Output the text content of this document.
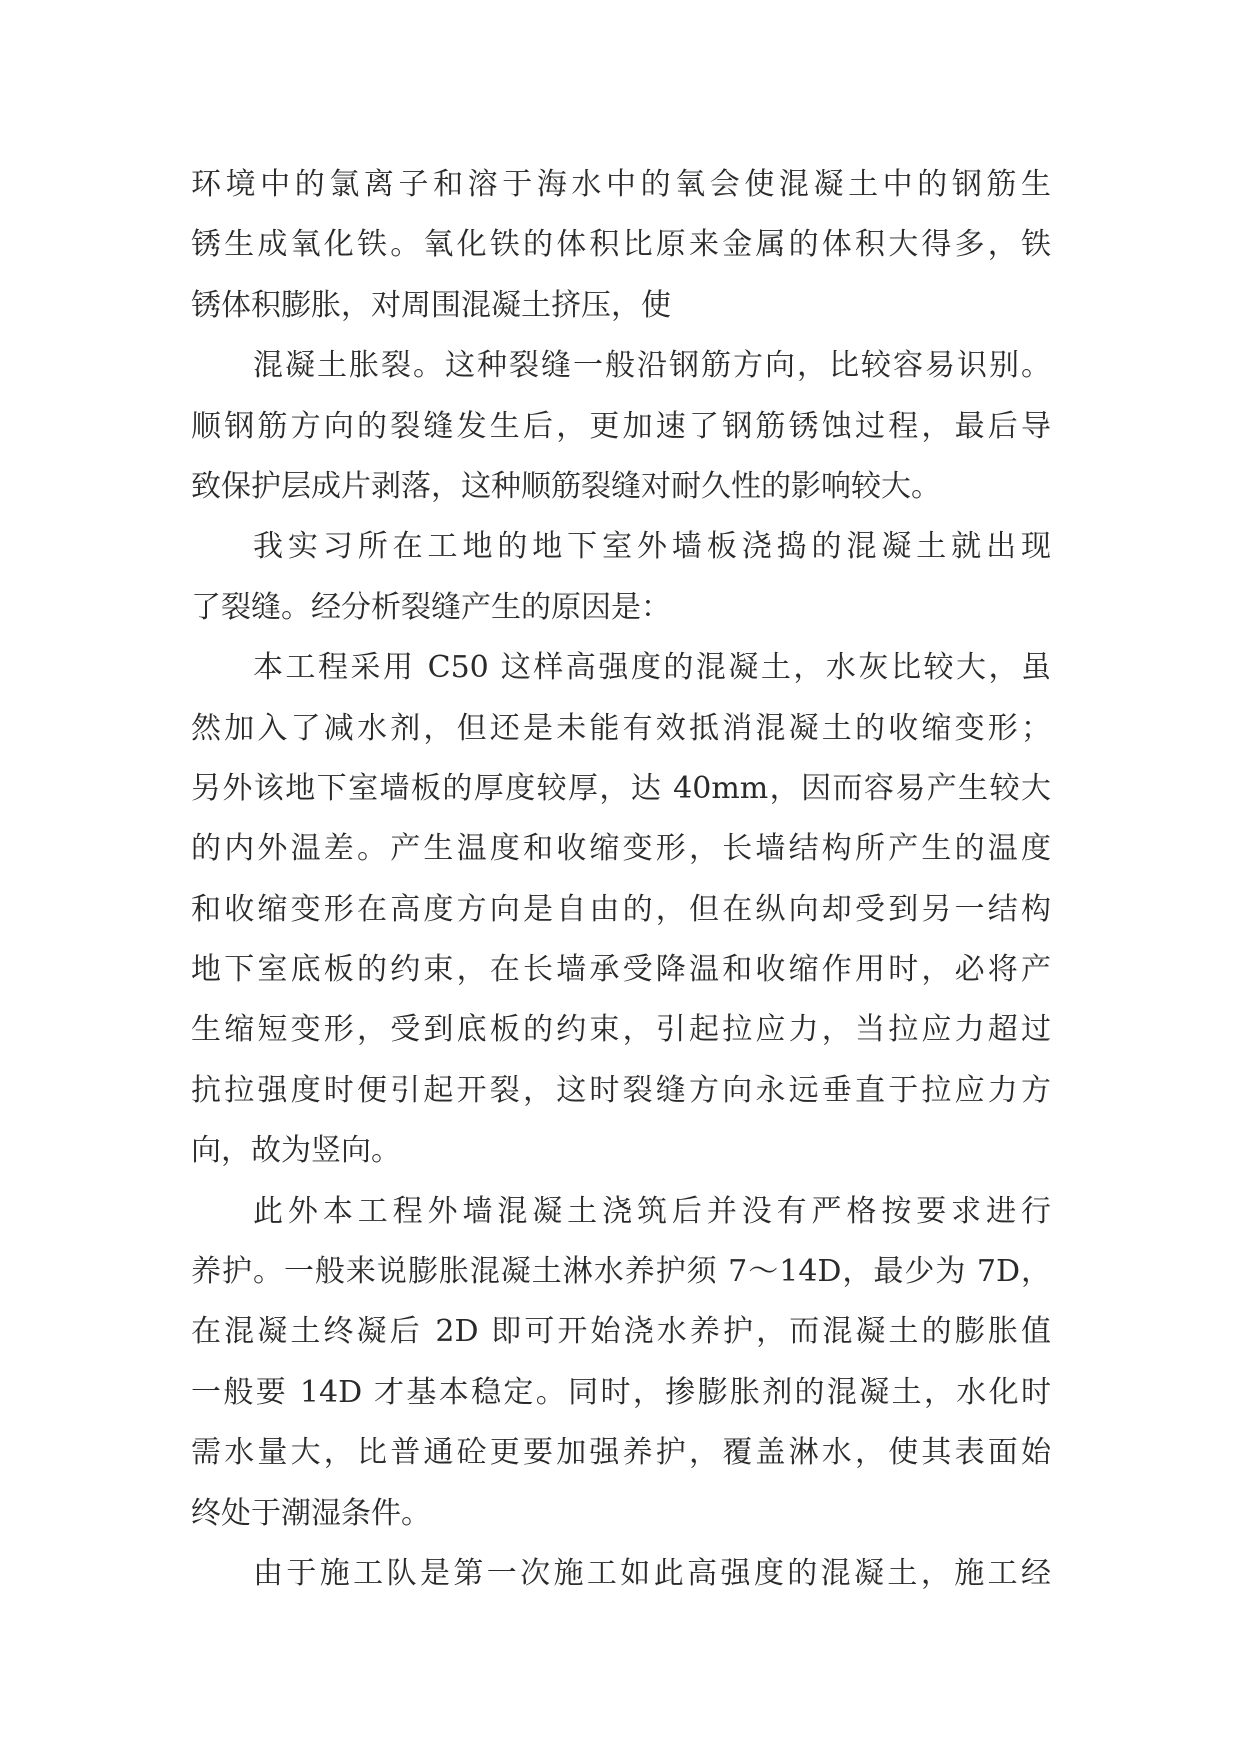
环境中的氯离子和溶于海水中的氧会使混凝土中的钢筋生
锈生成氧化铁。氧化铁的体积比原来金属的体积大得多，铁
锈体积膨胀，对周围混凝土挤压，使
混凝土胀裂。这种裂缝一般沿钢筋方向，比较容易识别。
顺钢筋方向的裂缝发生后，更加速了钢筋锈蚀过程，最后导
致保护层成片剥落，这种顺筋裂缝对耐久性的影响较大。
我实习所在工地的地下室外墙板浇捣的混凝土就出现
了裂缝。经分析裂缝产生的原因是：
本工程采用 C50 这样高强度的混凝土，水灰比较大，虽
然加入了减水剂，但还是未能有效抵消混凝土的收缩变形；
另外该地下室墙板的厚度较厚，达 40mm，因而容易产生较大
的内外温差。产生温度和收缩变形，长墙结构所产生的温度
和收缩变形在高度方向是自由的，但在纵向却受到另一结构
地下室底板的约束，在长墙承受降温和收缩作用时，必将产
生缩短变形，受到底板的约束，引起拉应力，当拉应力超过
抗拉强度时便引起开裂，这时裂缝方向永远垂直于拉应力方
向，故为竖向。
此外本工程外墙混凝土浇筑后并没有严格按要求进行
养护。一般来说膨胀混凝土淋水养护须 7～14D，最少为 7D，
在混凝土终凝后 2D 即可开始浇水养护，而混凝土的膨胀值
一般要 14D 才基本稳定。同时，掺膨胀剂的混凝土，水化时
需水量大，比普通砼更要加强养护，覆盖淋水，使其表面始
终处于潮湿条件。
由于施工队是第一次施工如此高强度的混凝土，施工经
